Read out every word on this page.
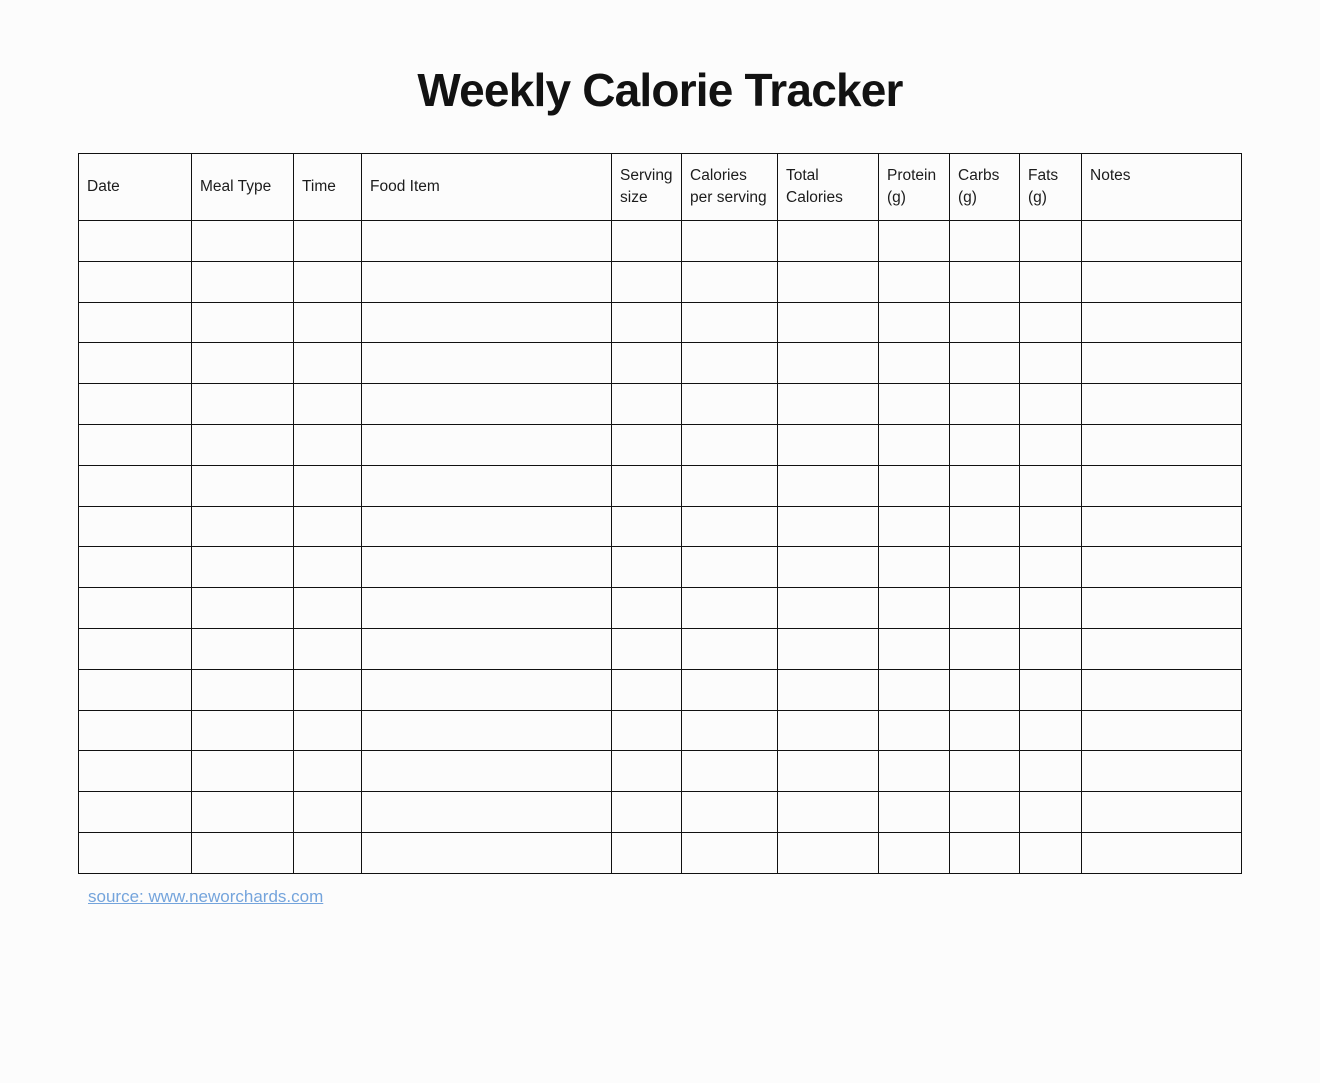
Weekly Calorie Tracker
Date	Meal Type	Time	Food Item	Serving size	Calories per serving	Total Calories	Protein (g)	Carbs (g)	Fats (g)	Notes

source: www.neworchards.com
